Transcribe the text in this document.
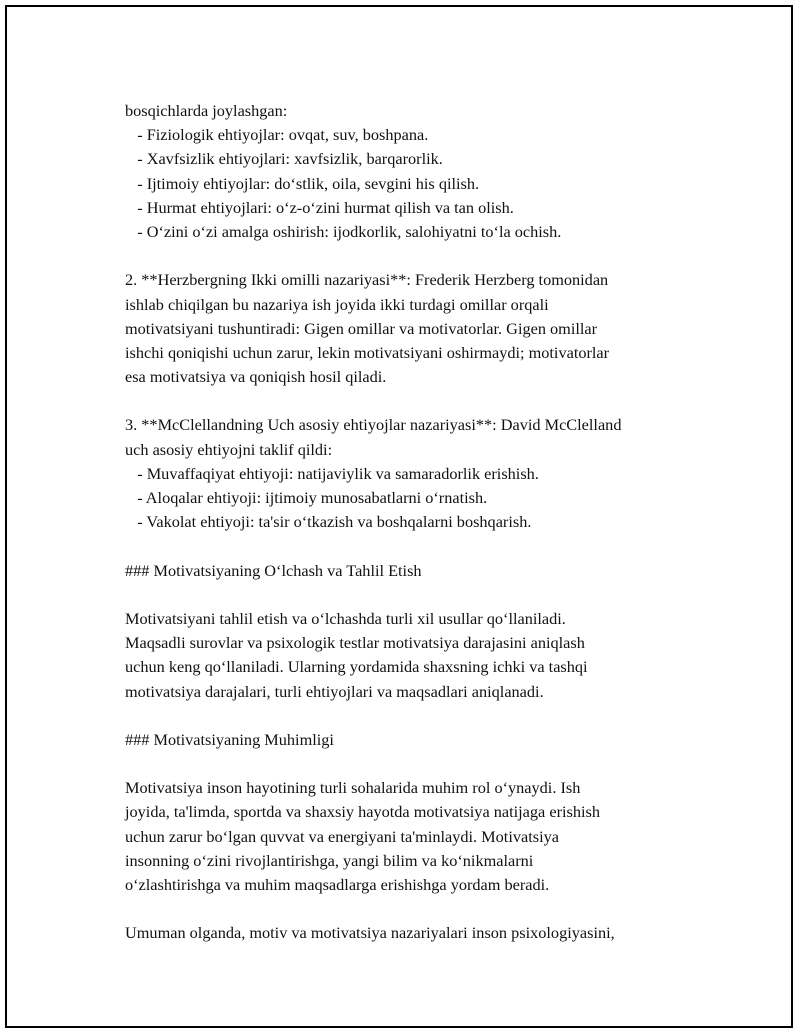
bosqichlarda joylashgan:

- Fiziologik ehtiyojlar: ovqat, suv, boshpana.

- Xavfsizlik ehtiyojlari: xavfsizlik, barqarorlik.

- Ijtimoiy ehtiyojlar: do‘stlik, oila, sevgini his qilish.

- Hurmat ehtiyojlari: o‘z-o‘zini hurmat qilish va tan olish.

- O‘zini o‘zi amalga oshirish: ijodkorlik, salohiyatni to‘la ochish.

2. **Herzbergning Ikki omilli nazariyasi**: Frederik Herzberg tomonidan

ishlab chiqilgan bu nazariya ish joyida ikki turdagi omillar orqali

motivatsiyani tushuntiradi: Gigen omillar va motivatorlar. Gigen omillar

ishchi qoniqishi uchun zarur, lekin motivatsiyani oshirmaydi; motivatorlar

esa motivatsiya va qoniqish hosil qiladi.

3. **McClellandning Uch asosiy ehtiyojlar nazariyasi**: David McClelland

uch asosiy ehtiyojni taklif qildi:

- Muvaffaqiyat ehtiyoji: natijaviylik va samaradorlik erishish.

- Aloqalar ehtiyoji: ijtimoiy munosabatlarni o‘rnatish.

- Vakolat ehtiyoji: ta'sir o‘tkazish va boshqalarni boshqarish.

### Motivatsiyaning O‘lchash va Tahlil Etish

Motivatsiyani tahlil etish va o‘lchashda turli xil usullar qo‘llaniladi.

Maqsadli surovlar va psixologik testlar motivatsiya darajasini aniqlash

uchun keng qo‘llaniladi. Ularning yordamida shaxsning ichki va tashqi

motivatsiya darajalari, turli ehtiyojlari va maqsadlari aniqlanadi.

### Motivatsiyaning Muhimligi

Motivatsiya inson hayotining turli sohalarida muhim rol o‘ynaydi. Ish

joyida, ta'limda, sportda va shaxsiy hayotda motivatsiya natijaga erishish

uchun zarur bo‘lgan quvvat va energiyani ta'minlaydi. Motivatsiya

insonning o‘zini rivojlantirishga, yangi bilim va ko‘nikmalarni

o‘zlashtirishga va muhim maqsadlarga erishishga yordam beradi.

Umuman olganda, motiv va motivatsiya nazariyalari inson psixologiyasini,
